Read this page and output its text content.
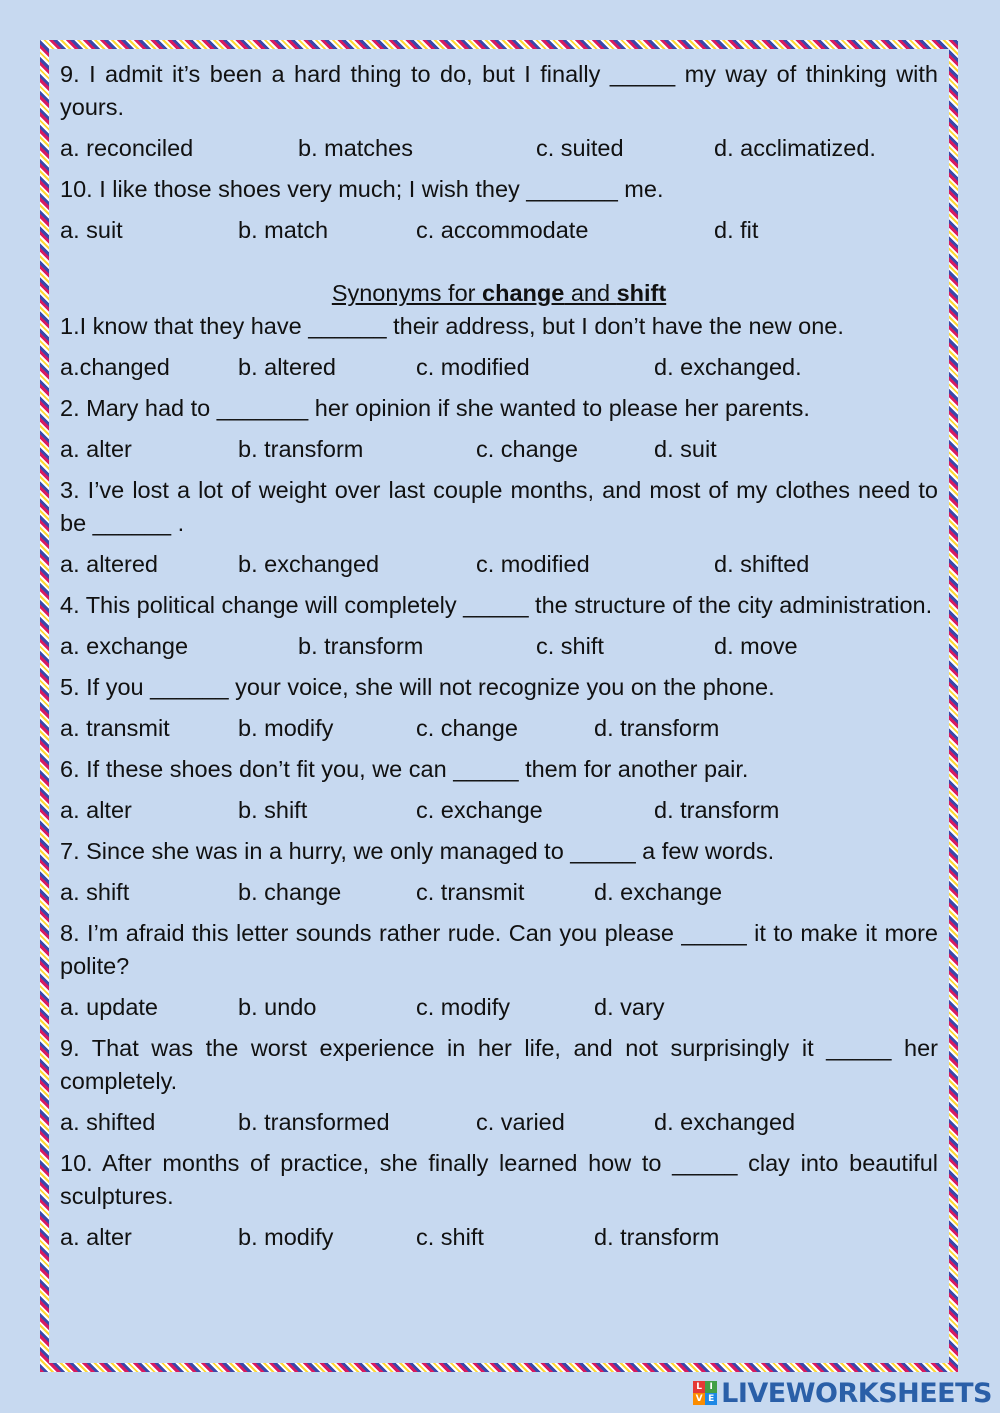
9. I admit it’s been a hard thing to do, but I finally _____ my way of thinking with yours.

a. reconciled	b. matches	c. suited	d. acclimatized.

10. I like those shoes very much; I wish they _______ me.

a. suit	b. match	c. accommodate	d. fit
Synonyms for change and shift

1.I know that they have ______ their address, but I don’t have the new one.

a.changed	b. altered	c. modified	d. exchanged.

2. Mary had to _______ her opinion if she wanted to please her parents.

a. alter	b. transform	c. change	d. suit

3. I’ve lost a lot of weight over last couple months, and most of my clothes need to be ______ .

a. altered	b. exchanged	c. modified	d. shifted

4. This political change will completely _____ the structure of the city administration.

a. exchange	b. transform	c. shift	d. move

5. If you ______ your voice, she will not recognize you on the phone.

a. transmit	b. modify	c. change	d. transform

6. If these shoes don’t fit you, we can _____ them for another pair.

a. alter	b. shift	c. exchange	d. transform

7. Since she was in a hurry, we only managed to _____ a few words.

a. shift	b. change	c. transmit	d. exchange

8. I’m afraid this letter sounds rather rude. Can you please _____ it to make it more polite?

a. update	b. undo	c. modify	d. vary

9. That was the worst experience in her life, and not surprisingly it _____ her completely.

a. shifted	b. transformed	c. varied	d. exchanged

10. After months of practice, she finally learned how to _____ clay into beautiful sculptures.

a. alter	b. modify	c. shift	d. transform
L I
V E LIVEWORKSHEETS
